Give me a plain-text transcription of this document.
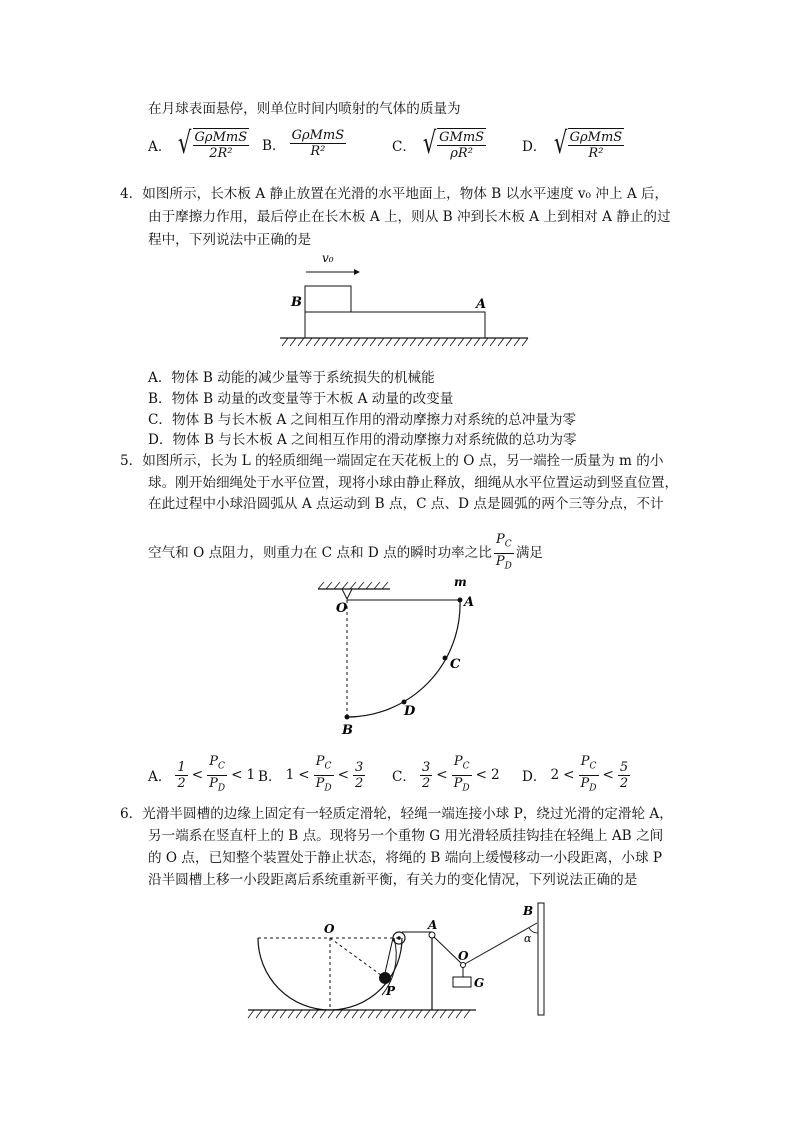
在月球表面悬停，则单位时间内喷射的气体的质量为
A． √ $\frac{\text{GρMmS}}{\text{2R²}}$ B． $\frac{\text{GρMmS}}{\text{R²}}$	C． √ $\frac{\text{GMmS}}{\text{ρR²}}$	D． √ $\frac{\text{GρMmS}}{\text{R²}}$
4．如图所示，长木板 A 静止放置在光滑的水平地面上，物体 B 以水平速度 v₀ 冲上 A 后，
由于摩擦力作用，最后停止在长木板 A 上，则从 B 冲到长木板 A 上到相对 A 静止的过
程中，下列说法中正确的是
v₀
B	A
A．物体 B 动能的减少量等于系统损失的机械能
B．物体 B 动量的改变量等于木板 A 动量的改变量
C．物体 B 与长木板 A 之间相互作用的滑动摩擦力对系统的总冲量为零
D．物体 B 与长木板 A 之间相互作用的滑动摩擦力对系统做的总功为零
5．如图所示，长为 L 的轻质细绳一端固定在天花板上的 O 点，另一端拴一质量为 m 的小
球。刚开始细绳处于水平位置，现将小球由静止释放，细绳从水平位置运动到竖直位置，
在此过程中小球沿圆弧从 A 点运动到 B 点，C 点、D 点是圆弧的两个三等分点，不计
空气和 O 点阻力，则重力在 C 点和 D 点的瞬时功率之比 $\frac{P_C}{P_D}$ 满足
O
m
A
C
D
B
A． $\frac{1}{2} < \frac{P_C}{P_D} < 1$ B． $1 < \frac{P_C}{P_D} < \frac{3}{2}$ C． $\frac{3}{2} < \frac{P_C}{P_D} < 2$ D． $2 < \frac{P_C}{P_D} < \frac{5}{2}$
6．光滑半圆槽的边缘上固定有一轻质定滑轮，轻绳一端连接小球 P，绕过光滑的定滑轮 A，
另一端系在竖直杆上的 B 点。现将另一个重物 G 用光滑轻质挂钩挂在轻绳上 AB 之间
的 O 点，已知整个装置处于静止状态，将绳的 B 端向上缓慢移动一小段距离，小球 P
沿半圆槽上移一小段距离后系统重新平衡，有关力的变化情况，下列说法正确的是
O
P
A
O
G
B
α
